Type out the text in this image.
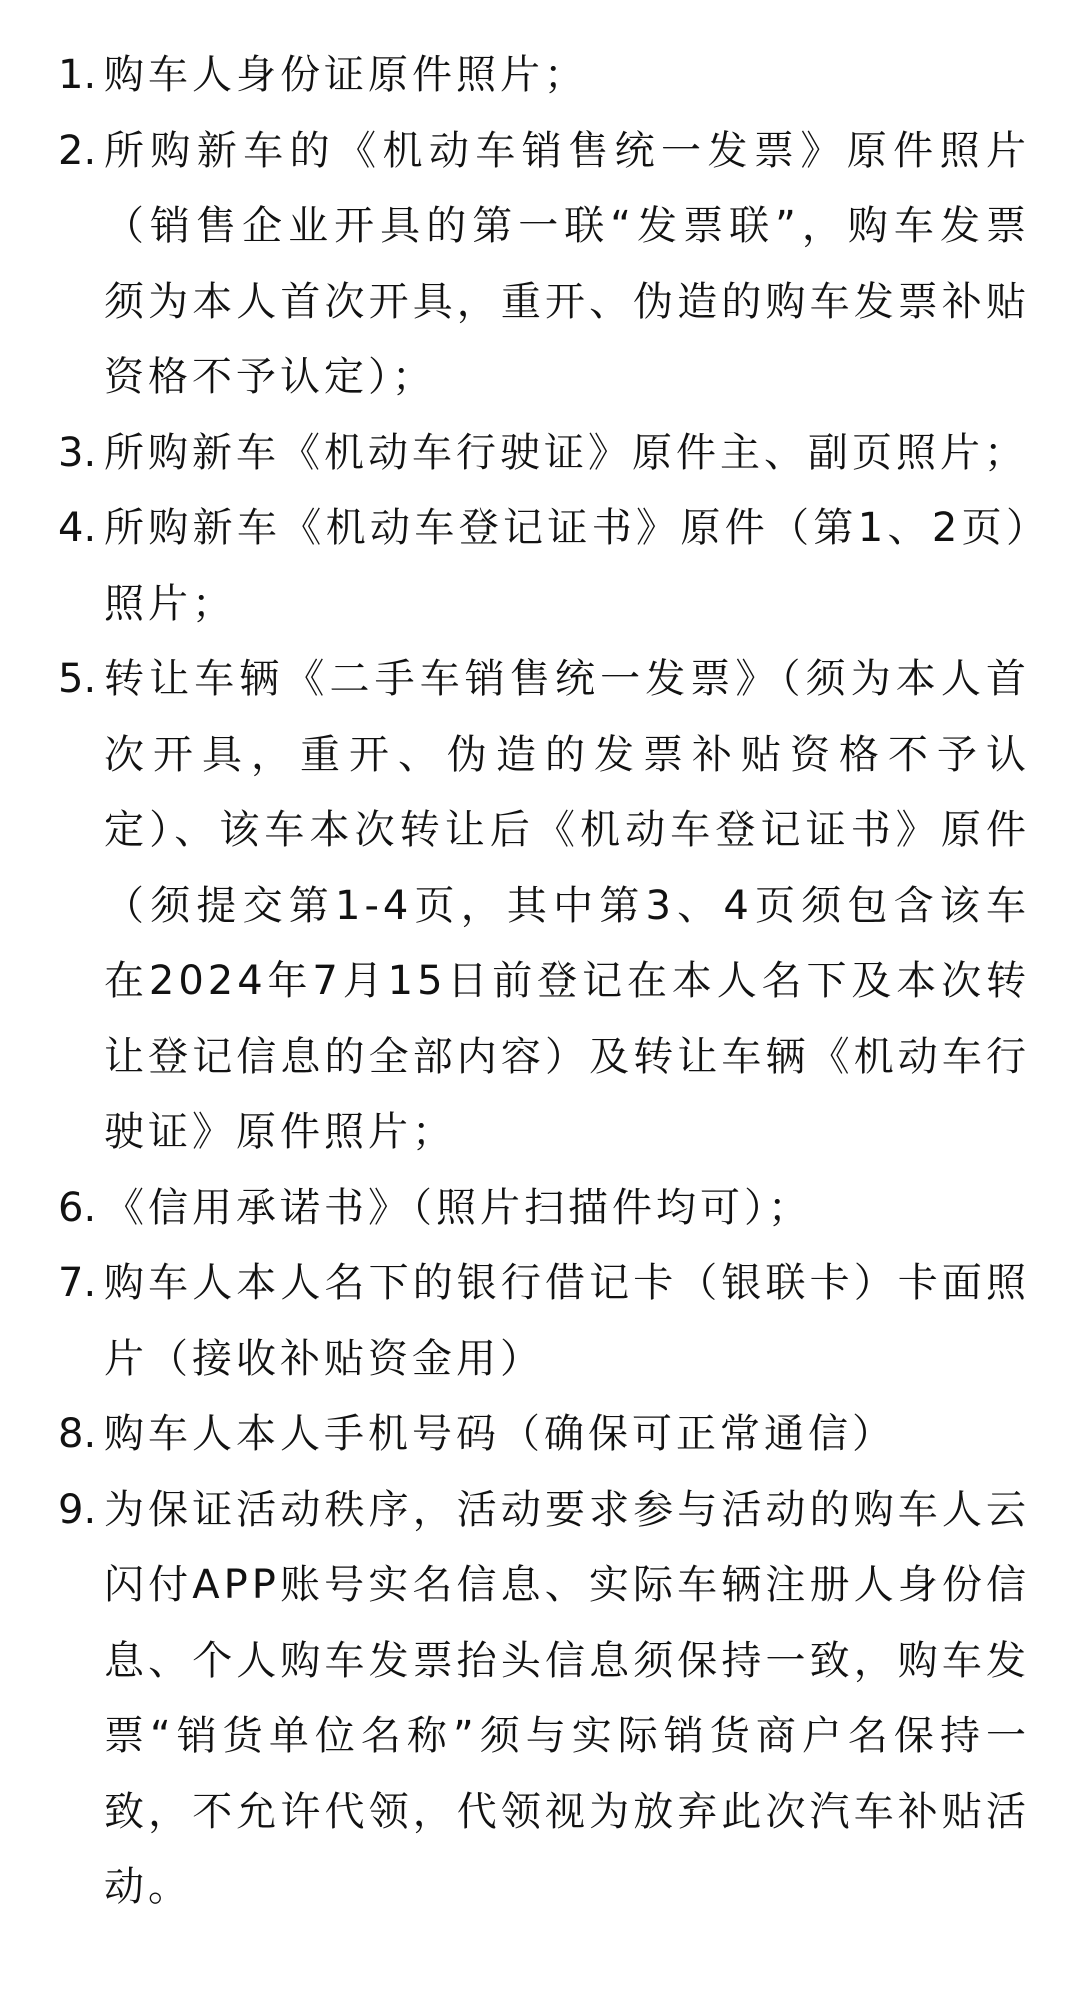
1. 购车人身份证原件照片；
2. 所购新车的《机动车销售统一发票》原件照片（销售企业开具的第一联“发票联”，购车发票须为本人首次开具，重开、伪造的购车发票补贴资格不予认定）；
3. 所购新车《机动车行驶证》原件主、副页照片；
4. 所购新车《机动车登记证书》原件（第1、2页）照片；
5. 转让车辆《二手车销售统一发票》（须为本人首次开具，重开、伪造的发票补贴资格不予认定）、该车本次转让后《机动车登记证书》原件（须提交第1-4页，其中第3、4页须包含该车在2024年7月15日前登记在本人名下及本次转让登记信息的全部内容）及转让车辆《机动车行驶证》原件照片；
6. 《信用承诺书》（照片扫描件均可）；
7. 购车人本人名下的银行借记卡（银联卡）卡面照片（接收补贴资金用）
8. 购车人本人手机号码（确保可正常通信）
9. 为保证活动秩序，活动要求参与活动的购车人云闪付APP账号实名信息、实际车辆注册人身份信息、个人购车发票抬头信息须保持一致，购车发票“销货单位名称”须与实际销货商户名保持一致，不允许代领，代领视为放弃此次汽车补贴活动。
